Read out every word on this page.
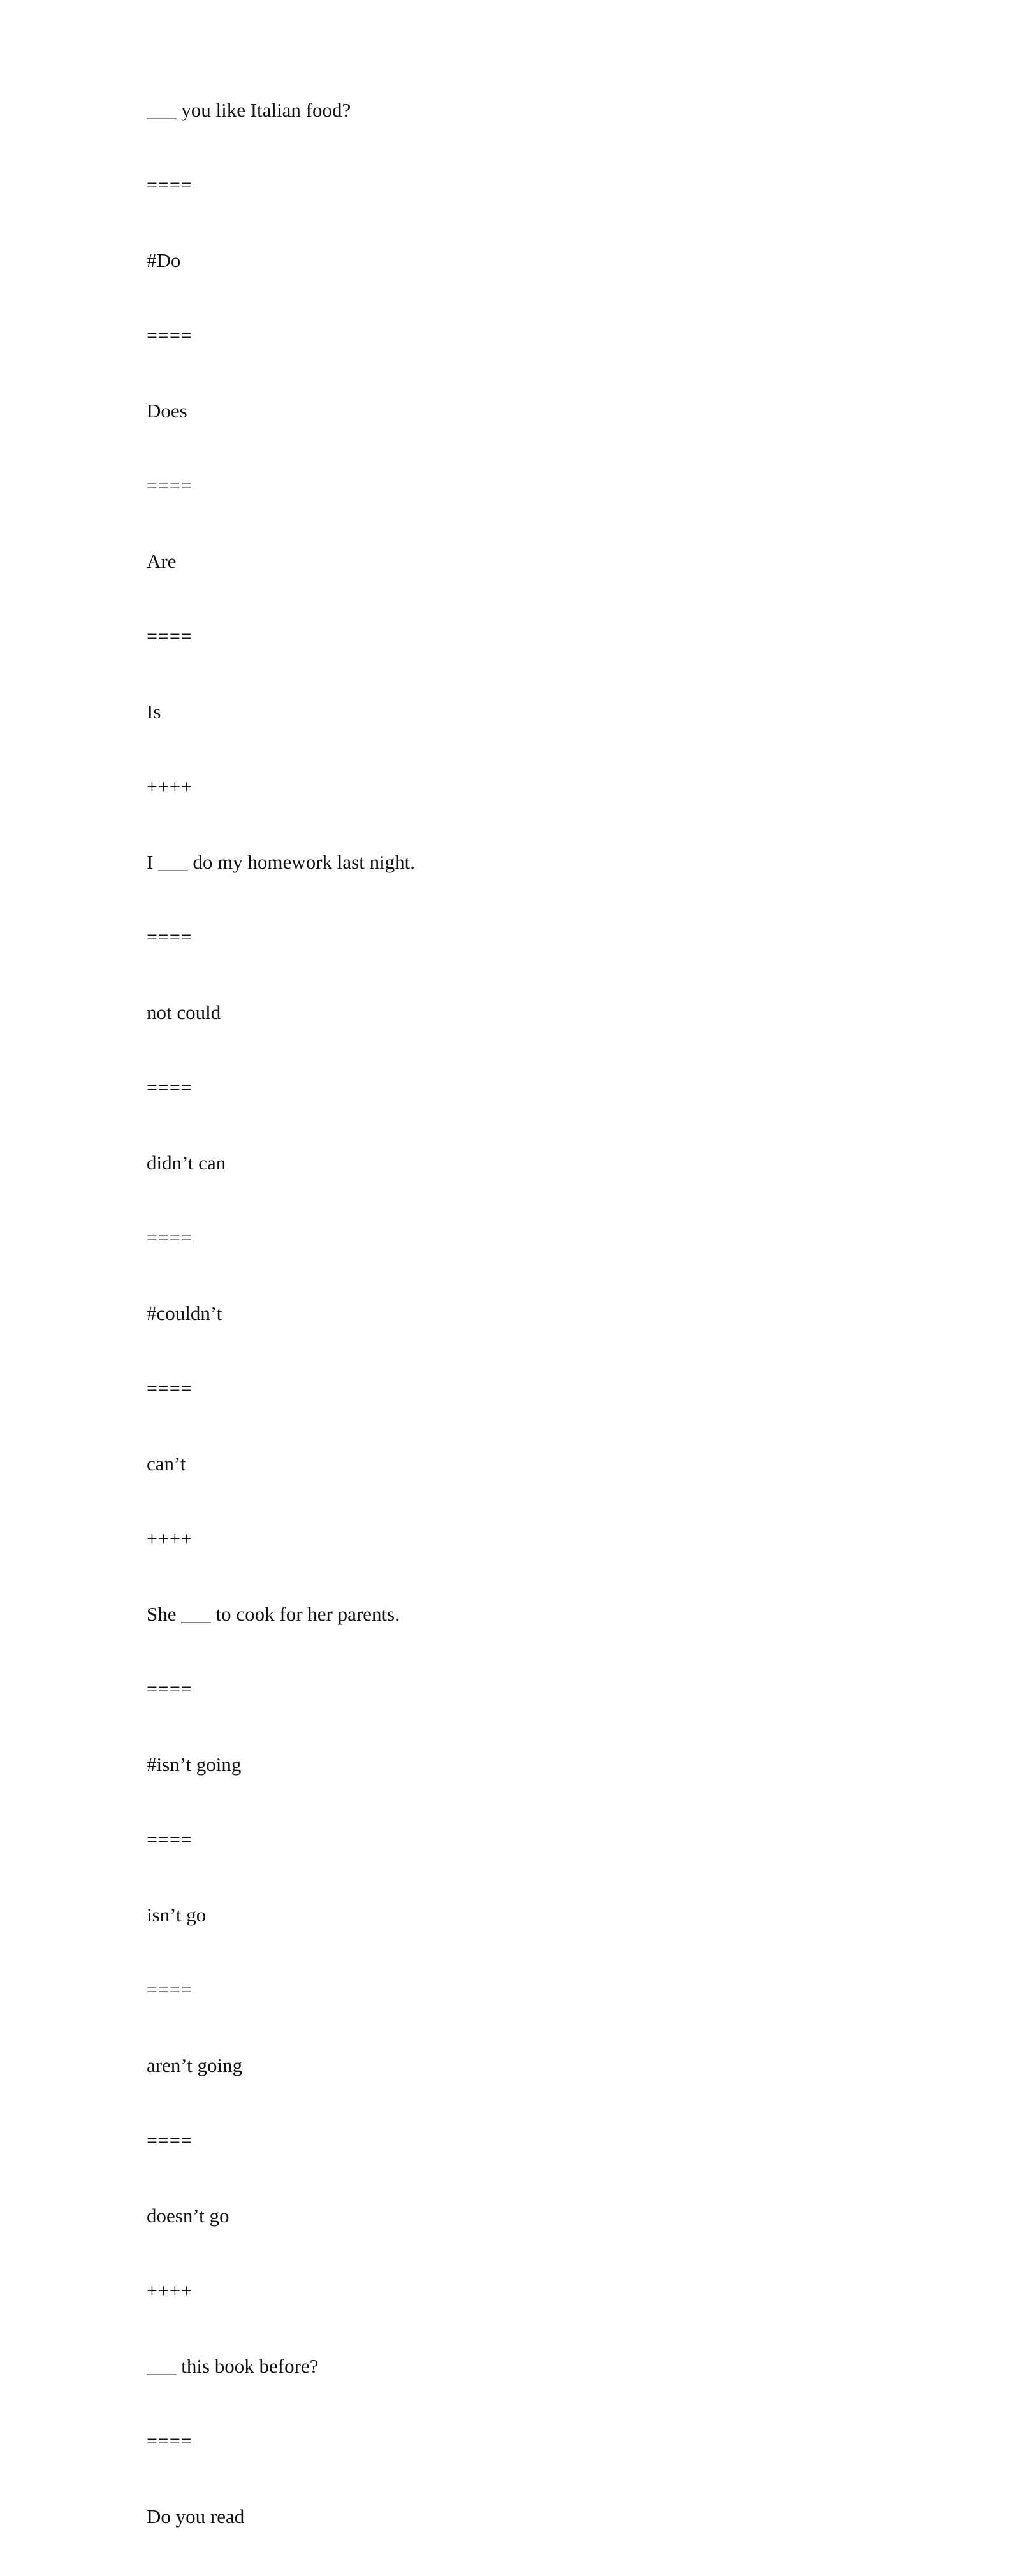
___ you like Italian food?
====
#Do
====
Does
====
Are
====
Is
++++
I ___ do my homework last night.
====
not could
====
didn’t can
====
#couldn’t
====
can’t
++++
She ___ to cook for her parents.
====
#isn’t going
====
isn’t go
====
aren’t going
====
doesn’t go
++++
___ this book before?
====
Do you read
